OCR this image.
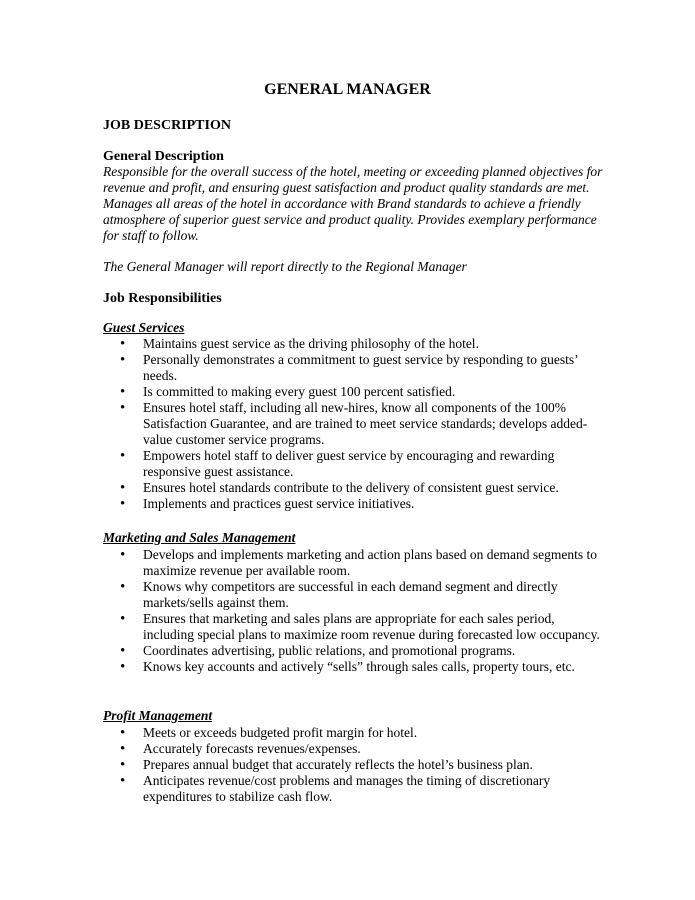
GENERAL MANAGER
JOB DESCRIPTION
General Description
Responsible for the overall success of the hotel, meeting or exceeding planned objectives for revenue and profit, and ensuring guest satisfaction and product quality standards are met. Manages all areas of the hotel in accordance with Brand standards to achieve a friendly atmosphere of superior guest service and product quality. Provides exemplary performance for staff to follow.
The General Manager will report directly to the Regional Manager
Job Responsibilities
Guest Services
• Maintains guest service as the driving philosophy of the hotel.
• Personally demonstrates a commitment to guest service by responding to guests’ needs.
• Is committed to making every guest 100 percent satisfied.
• Ensures hotel staff, including all new-hires, know all components of the 100% Satisfaction Guarantee, and are trained to meet service standards; develops added-value customer service programs.
• Empowers hotel staff to deliver guest service by encouraging and rewarding responsive guest assistance.
• Ensures hotel standards contribute to the delivery of consistent guest service.
• Implements and practices guest service initiatives.
Marketing and Sales Management
• Develops and implements marketing and action plans based on demand segments to maximize revenue per available room.
• Knows why competitors are successful in each demand segment and directly markets/sells against them.
• Ensures that marketing and sales plans are appropriate for each sales period, including special plans to maximize room revenue during forecasted low occupancy.
• Coordinates advertising, public relations, and promotional programs.
• Knows key accounts and actively “sells” through sales calls, property tours, etc.
Profit Management
• Meets or exceeds budgeted profit margin for hotel.
• Accurately forecasts revenues/expenses.
• Prepares annual budget that accurately reflects the hotel’s business plan.
• Anticipates revenue/cost problems and manages the timing of discretionary expenditures to stabilize cash flow.
